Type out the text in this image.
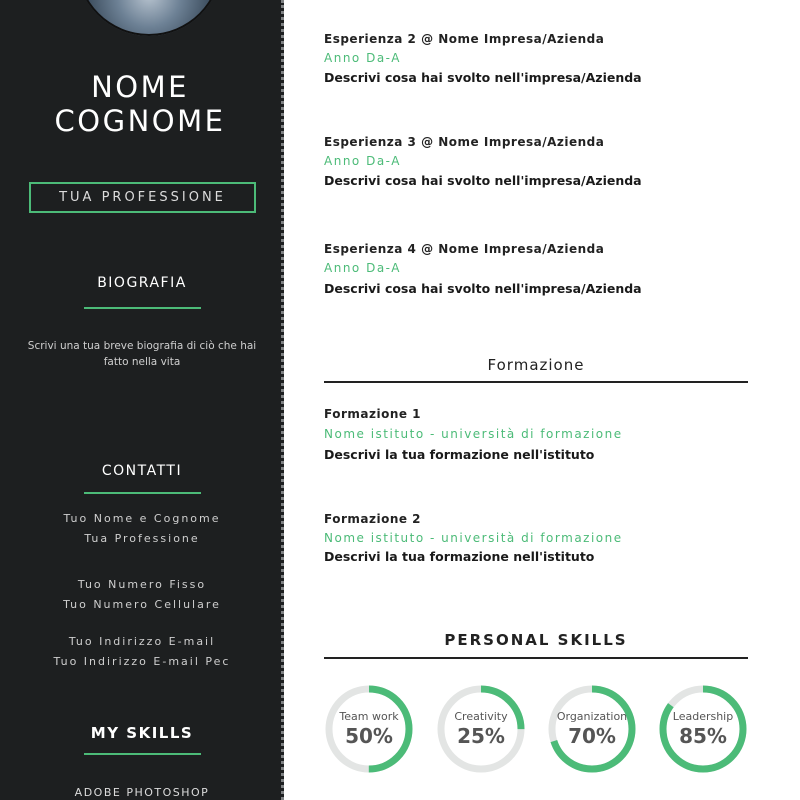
NOME COGNOME
TUA PROFESSIONE
BIOGRAFIA
Scrivi una tua breve biografia di ciò che hai fatto nella vita
CONTATTI
Tuo Nome e Cognome
Tua Professione
Tuo Numero Fisso
Tuo Numero Cellulare
Tuo Indirizzo E-mail
Tuo Indirizzo E-mail Pec
MY SKILLS
ADOBE PHOTOSHOP
Esperienza 2 @ Nome Impresa/Azienda
Anno Da-A
Descrivi cosa hai svolto nell'impresa/Azienda
Esperienza 3 @ Nome Impresa/Azienda
Anno Da-A
Descrivi cosa hai svolto nell'impresa/Azienda
Esperienza 4 @ Nome Impresa/Azienda
Anno Da-A
Descrivi cosa hai svolto nell'impresa/Azienda
Formazione
Formazione 1
Nome istituto - università di formazione
Descrivi la tua formazione nell'istituto
Formazione 2
Nome istituto - università di formazione
Descrivi la tua formazione nell'istituto
PERSONAL SKILLS
Team work
50%
Creativity
25%
Organization
70%
Leadership
85%
